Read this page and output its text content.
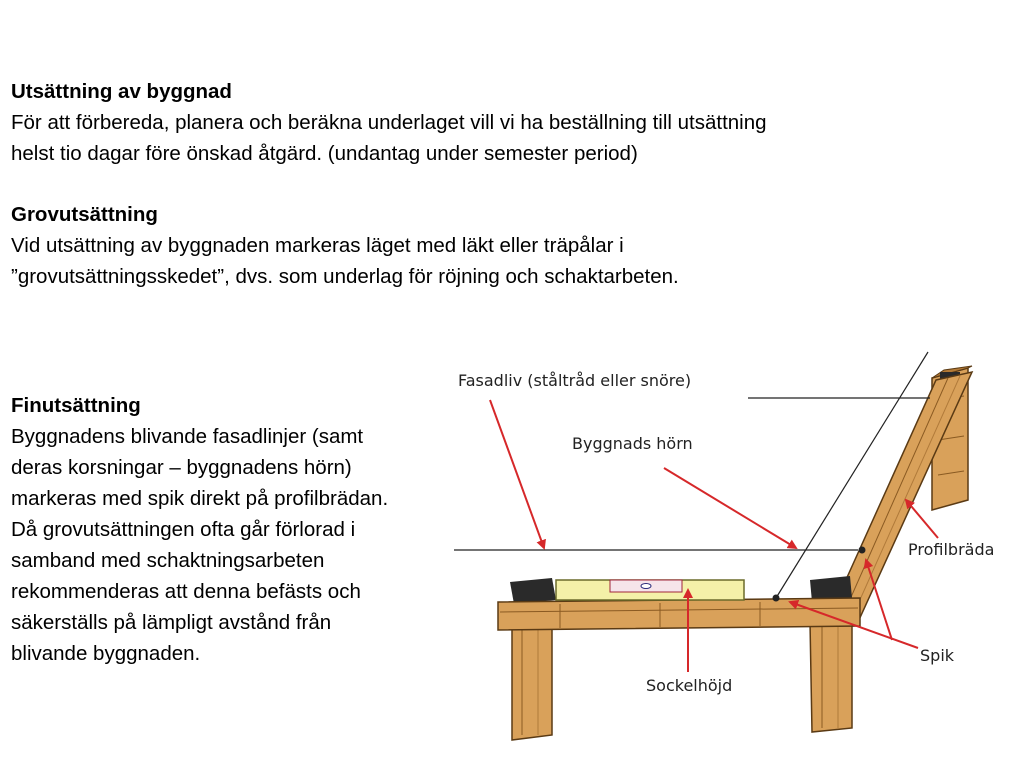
Utsättning av byggnad
För att förbereda, planera och beräkna underlaget vill vi ha beställning till utsättning
helst tio dagar före önskad åtgärd. (undantag under semester period)
Grovutsättning
Vid utsättning av byggnaden markeras läget med läkt eller träpålar i
”grovutsättningsskedet”, dvs. som underlag för röjning och schaktarbeten.
Finutsättning
Byggnadens blivande fasadlinjer (samt
deras korsningar – byggnadens hörn)
markeras med spik direkt på profilbrädan.
Då grovutsättningen ofta går förlorad i
samband med schaktningsarbeten
rekommenderas att denna befästs och
säkerställs på lämpligt avstånd från
blivande byggnaden.
Fasadliv (ståltråd eller snöre)
Byggnads hörn
Profilbräda
Spik
Sockelhöjd
